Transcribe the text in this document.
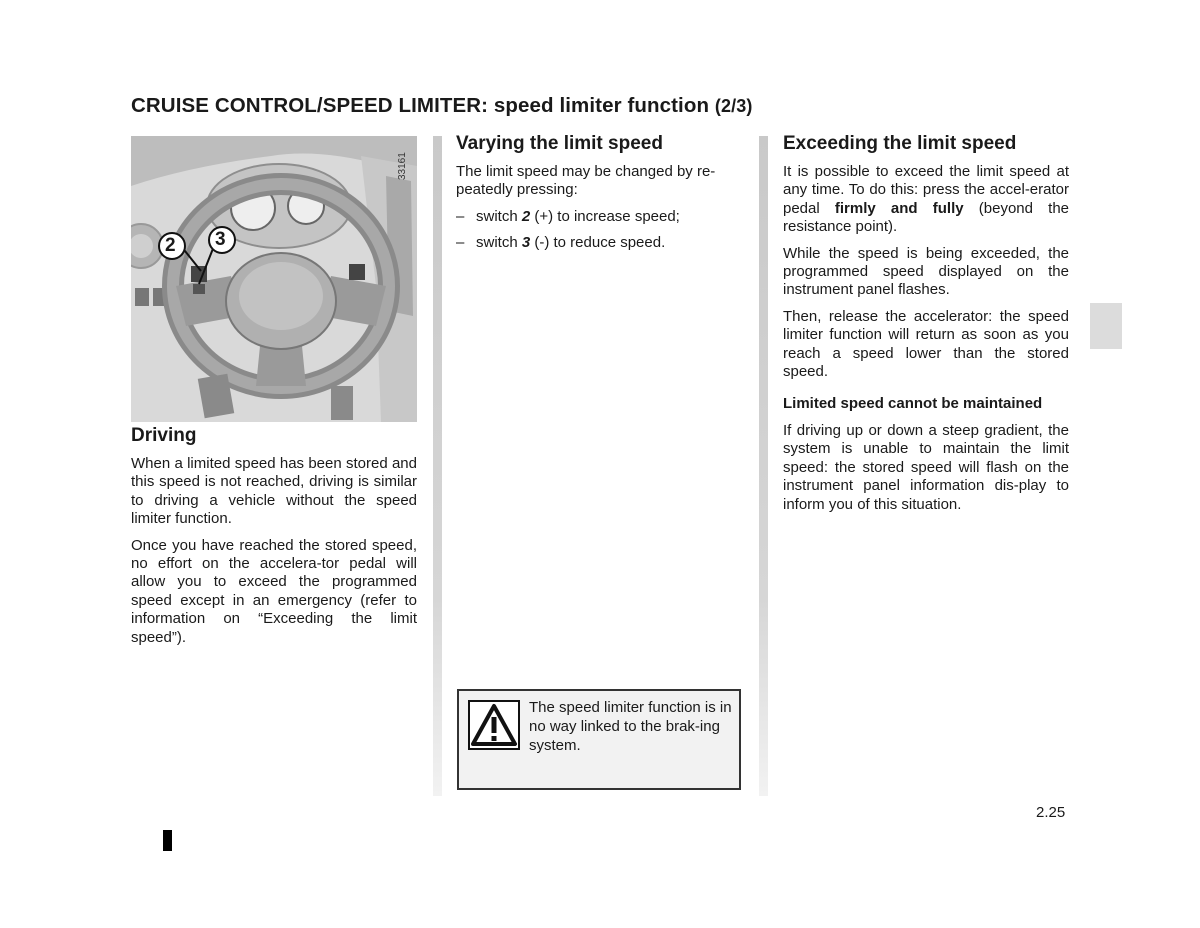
CRUISE CONTROL/SPEED LIMITER: speed limiter function (2/3)
2 3
33161
Driving

When a limited speed has been stored and this speed is not reached, driving is similar to driving a vehicle without the speed limiter function.

Once you have reached the stored speed, no effort on the accelera-tor pedal will allow you to exceed the programmed speed except in an emergency (refer to information on “Exceeding the limit speed”).

Varying the limit speed

The limit speed may be changed by re-peatedly pressing:

– switch 2 (+) to increase speed;
– switch 3 (-) to reduce speed.
The speed limiter function is in no way linked to the brak-ing system.
Exceeding the limit speed

It is possible to exceed the limit speed at any time. To do this: press the accel-erator pedal firmly and fully (beyond the resistance point).

While the speed is being exceeded, the programmed speed displayed on the instrument panel flashes.

Then, release the accelerator: the speed limiter function will return as soon as you reach a speed lower than the stored speed.

Limited speed cannot be maintained

If driving up or down a steep gradient, the system is unable to maintain the limit speed: the stored speed will flash on the instrument panel information dis-play to inform you of this situation.

2.25
